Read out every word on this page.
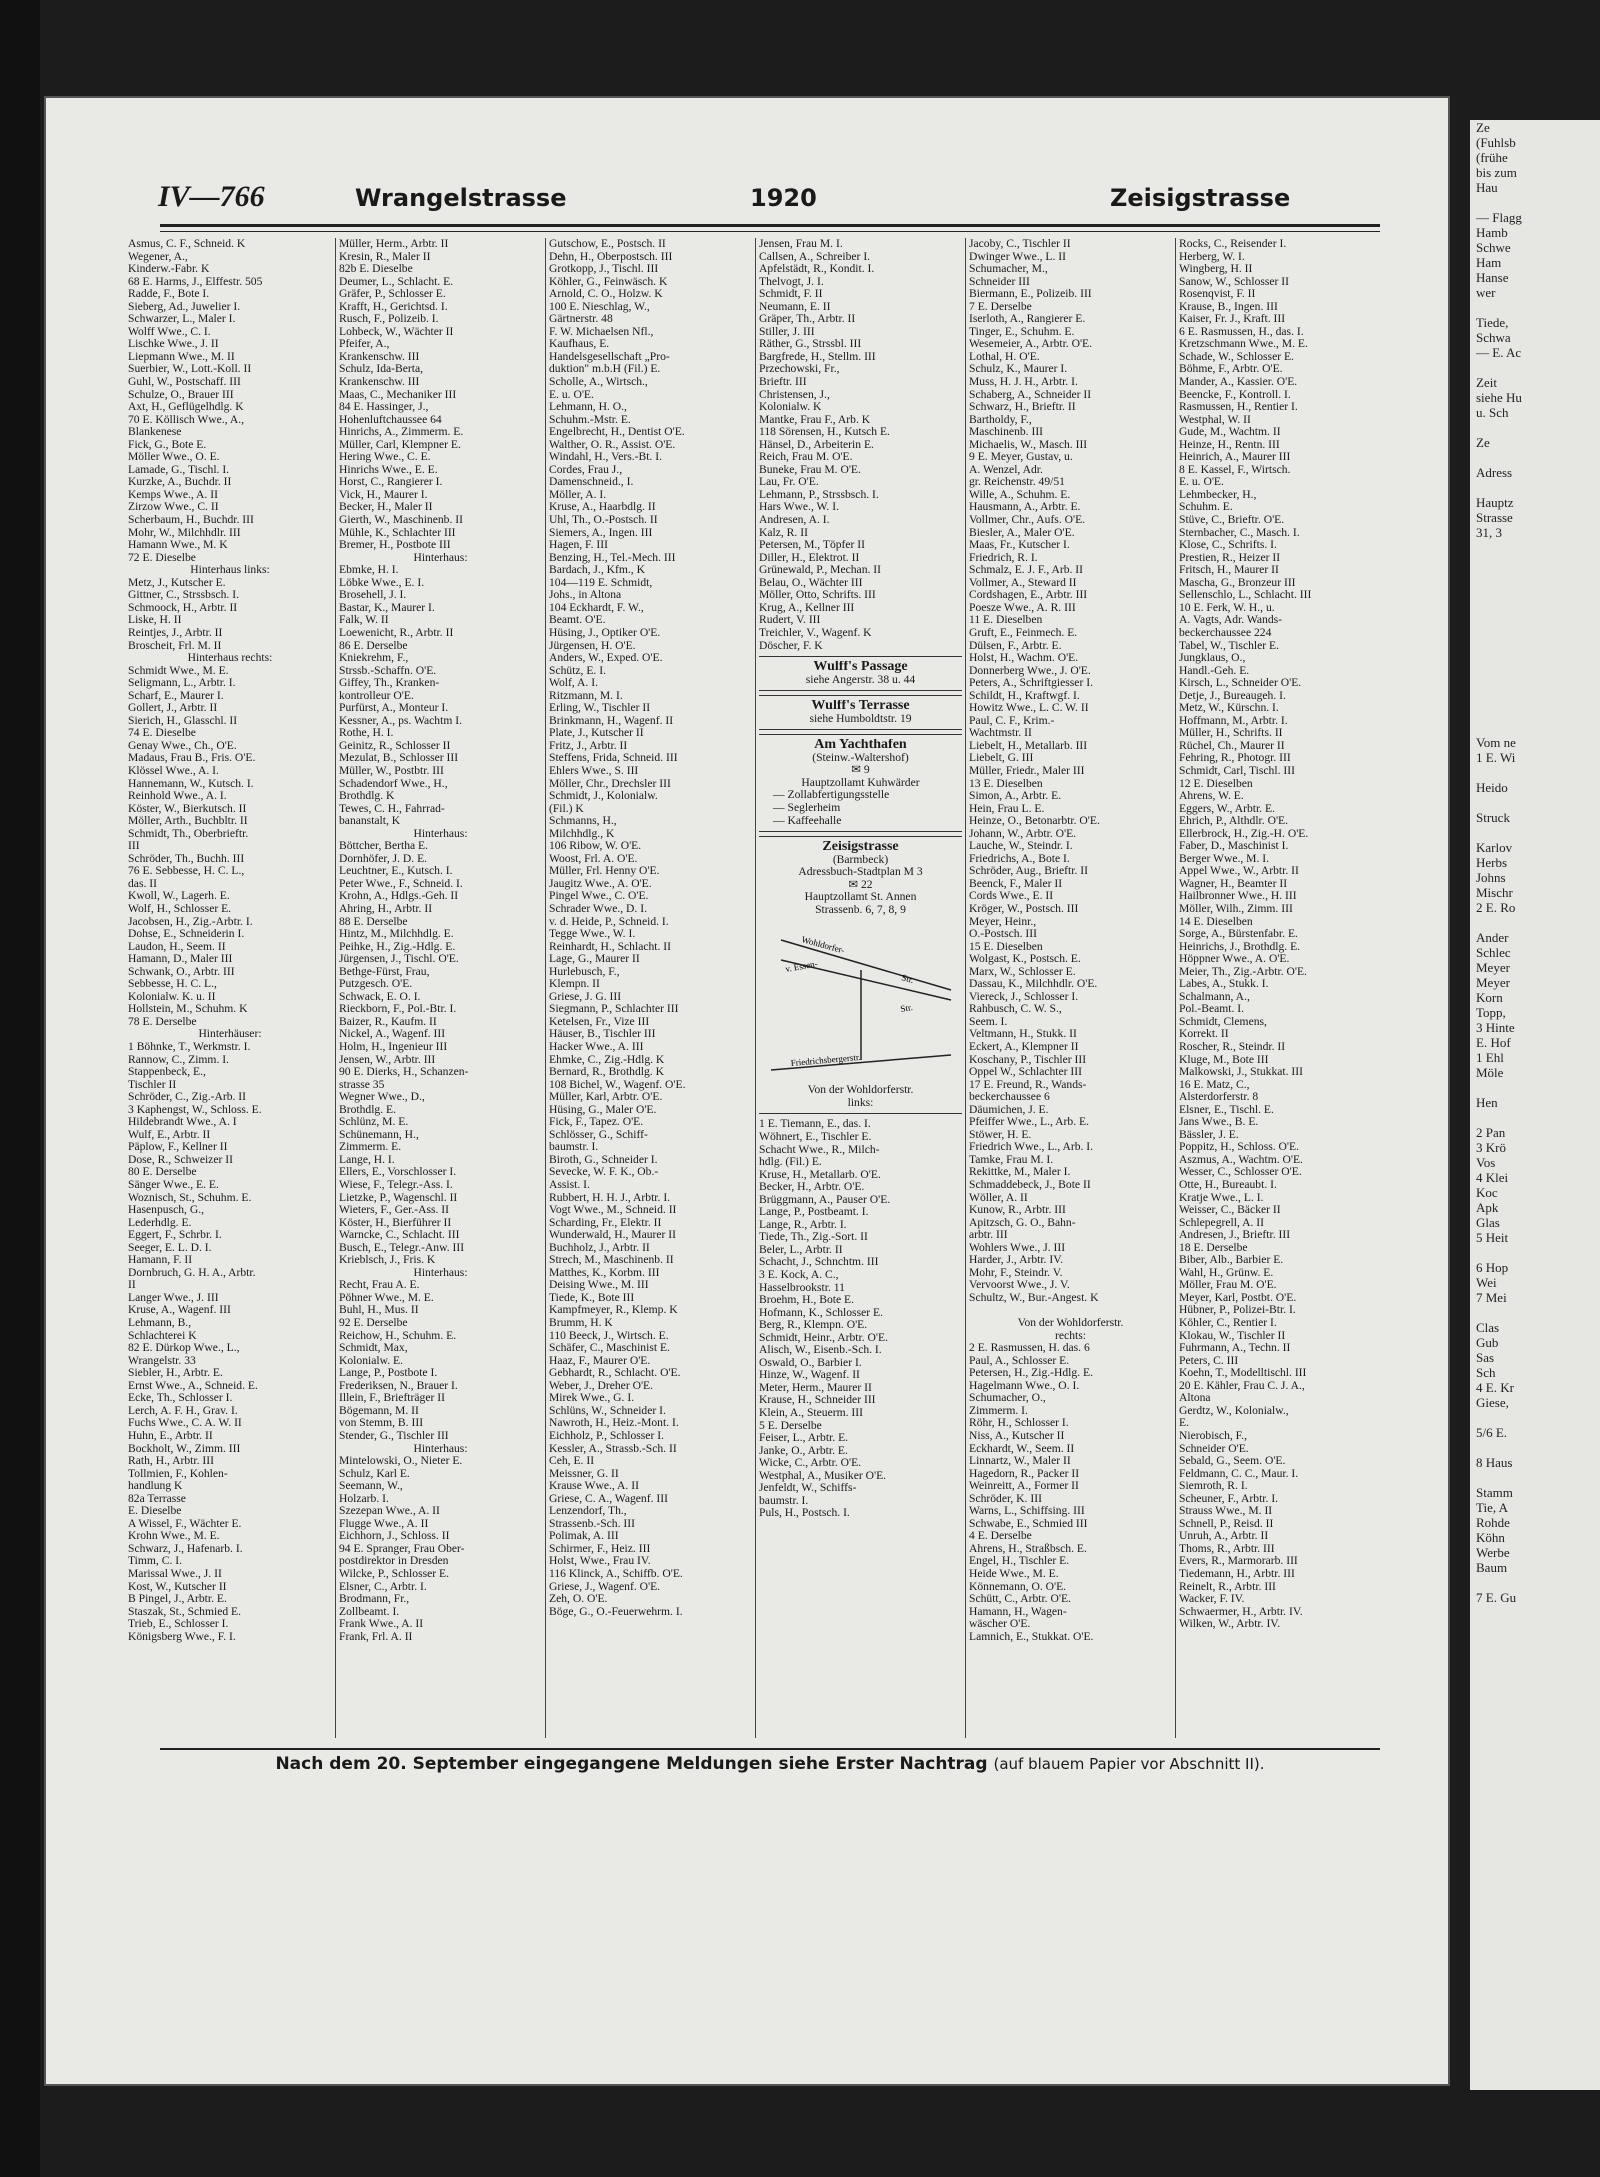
IV—766	Wrangelstrasse	1920	Zeisigstrasse
Asmus, C. F., Schneid. K
Wegener, A.,
Kinderw.-Fabr. K
68 E. Harms, J., Elffestr. 505
Radde, F., Bote I.
Sieberg, Ad., Juwelier I.
Schwarzer, L., Maler I.
Wolff Wwe., C. I.
Lischke Wwe., J. II
Liepmann Wwe., M. II
Suerbier, W., Lott.-Koll. II
Guhl, W., Postschaff. III
Schulze, O., Brauer III
Axt, H., Geflügelhdlg. K
70 E. Köllisch Wwe., A.,
Blankenese
Fick, G., Bote E.
Möller Wwe., O. E.
Lamade, G., Tischl. I.
Kurzke, A., Buchdr. II
Kemps Wwe., A. II
Zirzow Wwe., C. II
Scherbaum, H., Buchdr. III
Mohr, W., Milchhdlr. III
Hamann Wwe., M. K
72 E. Dieselbe
Hinterhaus links:
Metz, J., Kutscher E.
Gittner, C., Strssbsch. I.
Schmoock, H., Arbtr. II
Liske, H. II
Reintjes, J., Arbtr. II
Broscheit, Frl. M. II
Hinterhaus rechts:
Schmidt Wwe., M. E.
Seligmann, L., Arbtr. I.
Scharf, E., Maurer I.
Gollert, J., Arbtr. II
Sierich, H., Glasschl. II
74 E. Dieselbe
Genay Wwe., Ch., O'E.
Madaus, Frau B., Fris. O'E.
Klössel Wwe., A. I.
Hannemann, W., Kutsch. I.
Reinhold Wwe., A. I.
Köster, W., Bierkutsch. II
Möller, Arth., Buchbltr. II
Schmidt, Th., Oberbrieftr.
III
Schröder, Th., Buchh. III
76 E. Sebbesse, H. C. L.,
das. II
Kwoll, W., Lagerh. E.
Wolf, H., Schlosser E.
Jacobsen, H., Zig.-Arbtr. I.
Dohse, E., Schneiderin I.
Laudon, H., Seem. II
Hamann, D., Maler III
Schwank, O., Arbtr. III
Sebbesse, H. C. L.,
Kolonialw. K. u. II
Hollstein, M., Schuhm. K
78 E. Derselbe
Hinterhäuser:
1 Böhnke, T., Werkmstr. I.
Rannow, C., Zimm. I.
Stappenbeck, E.,
Tischler II
Schröder, C., Zig.-Arb. II
3 Kaphengst, W., Schloss. E.
Hildebrandt Wwe., A. I
Wulf, E., Arbtr. II
Päplow, F., Kellner II
Dose, R., Schweizer II
80 E. Derselbe
Sänger Wwe., E. E.
Woznisch, St., Schuhm. E.
Hasenpusch, G.,
Lederhdlg. E.
Eggert, F., Schrbr. I.
Seeger, E. L. D. I.
Hamann, F. II
Dornbruch, G. H. A., Arbtr.
II
Langer Wwe., J. III
Kruse, A., Wagenf. III
Lehmann, B.,
Schlachterei K
82 E. Dürkop Wwe., L.,
Wrangelstr. 33
Siebler, H., Arbtr. E.
Ernst Wwe., A., Schneid. E.
Ecke, Th., Schlosser I.
Lerch, A. F. H., Grav. I.
Fuchs Wwe., C. A. W. II
Huhn, E., Arbtr. II
Bockholt, W., Zimm. III
Rath, H., Arbtr. III
Tollmien, F., Kohlen-
handlung K
82a Terrasse
E. Dieselbe
A Wissel, F., Wächter E.
Krohn Wwe., M. E.
Schwarz, J., Hafenarb. I.
Timm, C. I.
Marissal Wwe., J. II
Kost, W., Kutscher II
B Pingel, J., Arbtr. E.
Staszak, St., Schmied E.
Trieb, E., Schlosser I.
Königsberg Wwe., F. I.
Müller, Herm., Arbtr. II
Kresin, R., Maler II
82b E. Dieselbe
Deumer, L., Schlacht. E.
Gräfer, P., Schlosser E.
Krafft, H., Gerichtsd. I.
Rusch, F., Polizeib. I.
Lohbeck, W., Wächter II
Pfeifer, A.,
Krankenschw. III
Schulz, Ida-Berta,
Krankenschw. III
Maas, C., Mechaniker III
84 E. Hassinger, J.,
Hohenluftchaussee 64
Hinrichs, A., Zimmerm. E.
Müller, Carl, Klempner E.
Hering Wwe., C. E.
Hinrichs Wwe., E. E.
Horst, C., Rangierer I.
Vick, H., Maurer I.
Becker, H., Maler II
Gierth, W., Maschinenb. II
Mühle, K., Schlachter III
Bremer, H., Postbote III
Hinterhaus:
Ebmke, H. I.
Löbke Wwe., E. I.
Brosehell, J. I.
Bastar, K., Maurer I.
Falk, W. II
Loewenicht, R., Arbtr. II
86 E. Derselbe
Kniekrehm, F.,
Strssb.-Schaffn. O'E.
Giffey, Th., Kranken-
kontrolleur O'E.
Purfürst, A., Monteur I.
Kessner, A., ps. Wachtm I.
Rothe, H. I.
Geinitz, R., Schlosser II
Mezulat, B., Schlosser III
Müller, W., Postbtr. III
Schadendorf Wwe., H.,
Brothdlg. K
Tewes, C. H., Fahrrad-
bananstalt, K
Hinterhaus:
Böttcher, Bertha E.
Dornhöfer, J. D. E.
Leuchtner, E., Kutsch. I.
Peter Wwe., F., Schneid. I.
Krohn, A., Hdlgs.-Geh. II
Ahring, H., Arbtr. II
88 E. Derselbe
Hintz, M., Milchhdlg. E.
Peihke, H., Zig.-Hdlg. E.
Jürgensen, J., Tischl. O'E.
Bethge-Fürst, Frau,
Putzgesch. O'E.
Schwack, E. O. I.
Rieckborn, F., Pol.-Btr. I.
Baizer, R., Kaufm. II
Nickel, A., Wagenf. III
Holm, H., Ingenieur III
Jensen, W., Arbtr. III
90 E. Dierks, H., Schanzen-
strasse 35
Wegner Wwe., D.,
Brothdlg. E.
Schlünz, M. E.
Schünemann, H.,
Zimmerm. E.
Lange, H. I.
Ellers, E., Vorschlosser I.
Wiese, F., Telegr.-Ass. I.
Lietzke, P., Wagenschl. II
Wieters, F., Ger.-Ass. II
Köster, H., Bierführer II
Warncke, C., Schlacht. III
Busch, E., Telegr.-Anw. III
Krieblsch, J., Fris. K
Hinterhaus:
Recht, Frau A. E.
Pöhner Wwe., M. E.
Buhl, H., Mus. II
92 E. Derselbe
Reichow, H., Schuhm. E.
Schmidt, Max,
Kolonialw. E.
Lange, P., Postbote I.
Frederiksen, N., Brauer I.
Illein, F., Briefträger II
Bögemann, M. II
von Stemm, B. III
Stender, G., Tischler III
Hinterhaus:
Mintelowski, O., Nieter E.
Schulz, Karl E.
Seemann, W.,
Holzarb. I.
Szezepan Wwe., A. II
Flugge Wwe., A. II
Eichhorn, J., Schloss. II
94 E. Spranger, Frau Ober-
postdirektor in Dresden
Wilcke, P., Schlosser E.
Elsner, C., Arbtr. I.
Brodmann, Fr.,
Zollbeamt. I.
Frank Wwe., A. II
Frank, Frl. A. II
Gutschow, E., Postsch. II
Dehn, H., Oberpostsch. III
Grotkopp, J., Tischl. III
Köhler, G., Feinwäsch. K
Arnold, C. O., Holzw. K
100 E. Nieschlag, W.,
Gärtnerstr. 48
F. W. Michaelsen Nfl.,
Kaufhaus, E.
Handelsgesellschaft „Pro-
duktion" m.b.H (Fil.) E.
Scholle, A., Wirtsch.,
E. u. O'E.
Lehmann, H. O.,
Schuhm.-Mstr. E.
Engelbrecht, H., Dentist O'E.
Walther, O. R., Assist. O'E.
Windahl, H., Vers.-Bt. I.
Cordes, Frau J.,
Damenschneid., I.
Möller, A. I.
Kruse, A., Haarbdlg. II
Uhl, Th., O.-Postsch. II
Siemers, A., Ingen. III
Hagen, F. III
Benzing, H., Tel.-Mech. III
Bardach, J., Kfm., K
104—119 E. Schmidt,
Johs., in Altona
104 Eckhardt, F. W.,
Beamt. O'E.
Hüsing, J., Optiker O'E.
Jürgensen, H. O'E.
Anders, W., Exped. O'E.
Schütz, E. I.
Wolf, A. I.
Ritzmann, M. I.
Erling, W., Tischler II
Brinkmann, H., Wagenf. II
Plate, J., Kutscher II
Fritz, J., Arbtr. II
Steffens, Frida, Schneid. III
Ehlers Wwe., S. III
Möller, Chr., Drechsler III
Schmidt, J., Kolonialw.
(Fil.) K
Schmanns, H.,
Milchhdlg., K
106 Ribow, W. O'E.
Woost, Frl. A. O'E.
Müller, Frl. Henny O'E.
Jaugitz Wwe., A. O'E.
Pingel Wwe., C. O'E.
Schrader Wwe., D. I.
v. d. Heide, P., Schneid. I.
Tegge Wwe., W. I.
Reinhardt, H., Schlacht. II
Lage, G., Maurer II
Hurlebusch, F.,
Klempn. II
Griese, J. G. III
Siegmann, P., Schlachter III
Ketelsen, Fr., Vize III
Häuser, B., Tischler III
Hacker Wwe., A. III
Ehmke, C., Zig.-Hdlg. K
Bernard, R., Brothdlg. K
108 Bichel, W., Wagenf. O'E.
Müller, Karl, Arbtr. O'E.
Hüsing, G., Maler O'E.
Fick, F., Tapez. O'E.
Schlösser, G., Schiff-
baumstr. I.
Biroth, G., Schneider I.
Sevecke, W. F. K., Ob.-
Assist. I.
Rubbert, H. H. J., Arbtr. I.
Vogt Wwe., M., Schneid. II
Scharding, Fr., Elektr. II
Wunderwald, H., Maurer II
Buchholz, J., Arbtr. II
Strech, M., Maschinenb. II
Matthes, K., Korbm. III
Deising Wwe., M. III
Tiede, K., Bote III
Kampfmeyer, R., Klemp. K
Brumm, H. K
110 Beeck, J., Wirtsch. E.
Schäfer, C., Maschinist E.
Haaz, F., Maurer O'E.
Gebhardt, R., Schlacht. O'E.
Weber, J., Dreher O'E.
Mirek Wwe., G. I.
Schlüns, W., Schneider I.
Nawroth, H., Heiz.-Mont. I.
Eichholz, P., Schlosser I.
Kessler, A., Strassb.-Sch. II
Ceh, E. II
Meissner, G. II
Krause Wwe., A. II
Griese, C. A., Wagenf. III
Lenzendorf, Th.,
Strassenb.-Sch. III
Polimak, A. III
Schirmer, F., Heiz. III
Holst, Wwe., Frau IV.
116 Klinck, A., Schiffb. O'E.
Griese, J., Wagenf. O'E.
Zeh, O. O'E.
Böge, G., O.-Feuerwehrm. I.
Jensen, Frau M. I.
Callsen, A., Schreiber I.
Apfelstädt, R., Kondit. I.
Thelvogt, J. I.
Schmidt, F. II
Neumann, E. II
Gräper, Th., Arbtr. II
Stiller, J. III
Räther, G., Strssbl. III
Bargfrede, H., Stellm. III
Przechowski, Fr.,
Brieftr. III
Christensen, J.,
Kolonialw. K
Mantke, Frau F., Arb. K
118 Sörensen, H., Kutsch E.
Hänsel, D., Arbeiterin E.
Reich, Frau M. O'E.
Buneke, Frau M. O'E.
Lau, Fr. O'E.
Lehmann, P., Strssbsch. I.
Hars Wwe., W. I.
Andresen, A. I.
Kalz, R. II
Petersen, M., Töpfer II
Diller, H., Elektrot. II
Grünewald, P., Mechan. II
Belau, O., Wächter III
Möller, Otto, Schrifts. III
Krug, A., Kellner III
Rudert, V. III
Treichler, V., Wagenf. K
Döscher, F. K
Wulff's Passage
siehe Angerstr. 38 u. 44
Wulff's Terrasse
siehe Humboldtstr. 19
Am Yachthafen
(Steinw.-Waltershof)
✉ 9
Hauptzollamt Kuhwärder
— Zollabfertigungsstelle
— Seglerheim
— Kaffeehalle
Zeisigstrasse
(Barmbeck)
Adressbuch-Stadtplan M 3
✉ 22
Hauptzollamt St. Annen
Strassenb. 6, 7, 8, 9
Wohldorfer-
Str.
v. Essen-
Str.
Friedrichsbergerstr.
Von der Wohldorferstr.
links:
1 E. Tiemann, E., das. I.
Wöhnert, E., Tischler E.
Schacht Wwe., R., Milch-
hdlg. (Fil.) E.
Kruse, H., Metallarb. O'E.
Becker, H., Arbtr. O'E.
Brüggmann, A., Pauser O'E.
Lange, P., Postbeamt. I.
Lange, R., Arbtr. I.
Tiede, Th., Zig.-Sort. II
Beler, L., Arbtr. II
Schacht, J., Schnchtm. III
3 E. Kock, A. C.,
Hasselbrookstr. 11
Broehm, H., Bote E.
Hofmann, K., Schlosser E.
Berg, R., Klempn. O'E.
Schmidt, Heinr., Arbtr. O'E.
Alisch, W., Eisenb.-Sch. I.
Oswald, O., Barbier I.
Hinze, W., Wagenf. II
Meter, Herm., Maurer II
Krause, H., Schneider III
Klein, A., Steuerm. III
5 E. Derselbe
Feiser, L., Arbtr. E.
Janke, O., Arbtr. E.
Wicke, C., Arbtr. O'E.
Westphal, A., Musiker O'E.
Jenfeldt, W., Schiffs-
baumstr. I.
Puls, H., Postsch. I.
Jacoby, C., Tischler II
Dwinger Wwe., L. II
Schumacher, M.,
Schneider III
Biermann, E., Polizeib. III
7 E. Derselbe
Iserloth, A., Rangierer E.
Tinger, E., Schuhm. E.
Wesemeier, A., Arbtr. O'E.
Lothal, H. O'E.
Schulz, K., Maurer I.
Muss, H. J. H., Arbtr. I.
Schaberg, A., Schneider II
Schwarz, H., Brieftr. II
Bartholdy, F.,
Maschinenb. III
Michaelis, W., Masch. III
9 E. Meyer, Gustav, u.
A. Wenzel, Adr.
gr. Reichenstr. 49/51
Wille, A., Schuhm. E.
Hausmann, A., Arbtr. E.
Vollmer, Chr., Aufs. O'E.
Biesler, A., Maler O'E.
Maas, Fr., Kutscher I.
Friedrich, R. I.
Schmalz, E. J. F., Arb. II
Vollmer, A., Steward II
Cordshagen, E., Arbtr. III
Poesze Wwe., A. R. III
11 E. Dieselben
Gruft, E., Feinmech. E.
Dülsen, F., Arbtr. E.
Holst, H., Wachm. O'E.
Donnerberg Wwe., J. O'E.
Peters, A., Schriftgiesser I.
Schildt, H., Kraftwgf. I.
Howitz Wwe., L. C. W. II
Paul, C. F., Krim.-
Wachtmstr. II
Liebelt, H., Metallarb. III
Liebelt, G. III
Müller, Friedr., Maler III
13 E. Dieselben
Simon, A., Arbtr. E.
Hein, Frau L. E.
Heinze, O., Betonarbtr. O'E.
Johann, W., Arbtr. O'E.
Lauche, W., Steindr. I.
Friedrichs, A., Bote I.
Schröder, Aug., Brieftr. II
Beenck, F., Maler II
Cords Wwe., E. II
Kröger, W., Postsch. III
Meyer, Heinr.,
O.-Postsch. III
15 E. Dieselben
Wolgast, K., Postsch. E.
Marx, W., Schlosser E.
Dassau, K., Milchhdlr. O'E.
Viereck, J., Schlosser I.
Rahbusch, C. W. S.,
Seem. I.
Veltmann, H., Stukk. II
Eckert, A., Klempner II
Koschany, P., Tischler III
Oppel W., Schlachter III
17 E. Freund, R., Wands-
beckerchaussee 6
Däumichen, J. E.
Pfeiffer Wwe., L., Arb. E.
Stöwer, H. E.
Friedrich Wwe., L., Arb. I.
Tamke, Frau M. I.
Rekittke, M., Maler I.
Schmaddebeck, J., Bote II
Wöller, A. II
Kunow, R., Arbtr. III
Apitzsch, G. O., Bahn-
arbtr. III
Wohlers Wwe., J. III
Harder, J., Arbtr. IV.
Mohr, F., Steindr. V.
Vervoorst Wwe., J. V.
Schultz, W., Bur.-Angest. K

Von der Wohldorferstr.
rechts:
2 E. Rasmussen, H. das. 6
Paul, A., Schlosser E.
Petersen, H., Zig.-Hdlg. E.
Hagelmann Wwe., O. I.
Schumacher, O.,
Zimmerm. I.
Röhr, H., Schlosser I.
Niss, A., Kutscher II
Eckhardt, W., Seem. II
Linnartz, W., Maler II
Hagedorn, R., Packer II
Weinreitt, A., Former II
Schröder, K. III
Warns, L., Schiffsing. III
Schwabe, E., Schmied III
4 E. Derselbe
Ahrens, H., Straßbsch. E.
Engel, H., Tischler E.
Heide Wwe., M. E.
Könnemann, O. O'E.
Schütt, C., Arbtr. O'E.
Hamann, H., Wagen-
wäscher O'E.
Lamnich, E., Stukkat. O'E.
Rocks, C., Reisender I.
Herberg, W. I.
Wingberg, H. II
Sanow, W., Schlosser II
Rosenqvist, F. II
Krause, B., Ingen. III
Kaiser, Fr. J., Kraft. III
6 E. Rasmussen, H., das. I.
Kretzschmann Wwe., M. E.
Schade, W., Schlosser E.
Böhme, F., Arbtr. O'E.
Mander, A., Kassier. O'E.
Beencke, F., Kontroll. I.
Rasmussen, H., Rentier I.
Westphal, W. II
Gude, M., Wachtm. II
Heinze, H., Rentn. III
Heinrich, A., Maurer III
8 E. Kassel, F., Wirtsch.
E. u. O'E.
Lehmbecker, H.,
Schuhm. E.
Stüve, C., Brieftr. O'E.
Sternbacher, C., Masch. I.
Klose, C., Schrifts. I.
Prestien, R., Heizer II
Fritsch, H., Maurer II
Mascha, G., Bronzeur III
Sellenschlo, L., Schlacht. III
10 E. Ferk, W. H., u.
A. Vagts, Adr. Wands-
beckerchaussee 224
Tabel, W., Tischler E.
Jungklaus, O.,
Handl.-Geh. E.
Kirsch, L., Schneider O'E.
Detje, J., Bureaugeh. I.
Metz, W., Kürschn. I.
Hoffmann, M., Arbtr. I.
Müller, H., Schrifts. II
Rüchel, Ch., Maurer II
Fehring, R., Photogr. III
Schmidt, Carl, Tischl. III
12 E. Dieselben
Ahrens, W. E.
Eggers, W., Arbtr. E.
Ehrich, P., Althdlr. O'E.
Ellerbrock, H., Zig.-H. O'E.
Faber, D., Maschinist I.
Berger Wwe., M. I.
Appel Wwe., W., Arbtr. II
Wagner, H., Beamter II
Hailbronner Wwe., H. III
Möller, Wilh., Zimm. III
14 E. Dieselben
Sorge, A., Bürstenfabr. E.
Heinrichs, J., Brothdlg. E.
Höppner Wwe., A. O'E.
Meier, Th., Zig.-Arbtr. O'E.
Labes, A., Stukk. I.
Schalmann, A.,
Pol.-Beamt. I.
Schmidt, Clemens,
Korrekt. II
Roscher, R., Steindr. II
Kluge, M., Bote III
Malkowski, J., Stukkat. III
16 E. Matz, C.,
Alsterdorferstr. 8
Elsner, E., Tischl. E.
Jans Wwe., B. E.
Bässler, J. E.
Poppitz, H., Schloss. O'E.
Aszmus, A., Wachtm. O'E.
Wesser, C., Schlosser O'E.
Otte, H., Bureaubt. I.
Kratje Wwe., L. I.
Weisser, C., Bäcker II
Schlepegrell, A. II
Andresen, J., Brieftr. III
18 E. Derselbe
Biber, Alb., Barbier E.
Wahl, H., Grünw. E.
Möller, Frau M. O'E.
Meyer, Karl, Postbt. O'E.
Hübner, P., Polizei-Btr. I.
Köhler, C., Rentier I.
Klokau, W., Tischler II
Fuhrmann, A., Techn. II
Peters, C. III
Koehn, T., Modelltischl. III
20 E. Kähler, Frau C. J. A.,
Altona
Gerdtz, W., Kolonialw.,
E.
Nierobisch, F.,
Schneider O'E.
Sebald, G., Seem. O'E.
Feldmann, C. C., Maur. I.
Siemroth, R. I.
Scheuner, F., Arbtr. I.
Strauss Wwe., M. II
Schnell, P., Reisd. II
Unruh, A., Arbtr. II
Thoms, R., Arbtr. III
Evers, R., Marmorarb. III
Tiedemann, H., Arbtr. III
Reinelt, R., Arbtr. III
Wacker, F. IV.
Schwaermer, H., Arbtr. IV.
Wilken, W., Arbtr. IV.
Nach dem 20. September eingegangene Meldungen siehe Erster Nachtrag (auf blauem Papier vor Abschnitt II).
Ze
(Fuhlsb
(frühe
bis zum
Hau

— Flagg
Hamb
Schwe
Ham
Hanse
wer

Tiede,
Schwa
— E. Ac

Zeit
siehe Hu
u. Sch

Ze

Adress

Hauptz
Strasse
31, 3

Vom ne
1 E. Wi

Heido

Struck

Karlov
Herbs
Johns
Mischr
2 E. Ro

Ander
Schlec
Meyer
Meyer
Korn
Topp,
3 Hinte
E. Hof
1 Ehl
Möle

Hen

2 Pan
3 Krö
Vos
4 Klei
Koc
Apk
Glas
5 Heit

6 Hop
Wei
7 Mei

Clas
Gub
Sas
Sch
4 E. Kr
Giese,

5/6 E.

8 Haus

Stamm
Tie, A
Rohde
Köhn
Werbe
Baum

7 E. Gu
